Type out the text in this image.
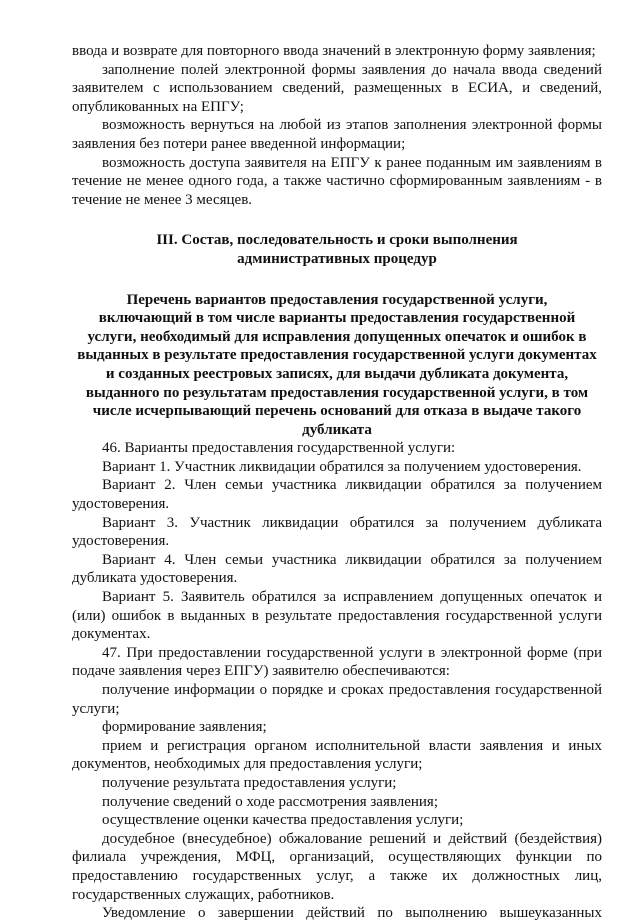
ввода и возврате для повторного ввода значений в электронную форму заявления;

заполнение полей электронной формы заявления до начала ввода сведений заявителем с использованием сведений, размещенных в ЕСИА, и сведений, опубликованных на ЕПГУ;

возможность вернуться на любой из этапов заполнения электронной формы заявления без потери ранее введенной информации;

возможность доступа заявителя на ЕПГУ к ранее поданным им заявлениям в течение не менее одного года, а также частично сформированным заявлениям - в течение не менее 3 месяцев.

III. Состав, последовательность и сроки выполнения
административных процедур
Перечень вариантов предоставления государственной услуги,
включающий в том числе варианты предоставления государственной
услуги, необходимый для исправления допущенных опечаток и ошибок в
выданных в результате предоставления государственной услуги документах
и созданных реестровых записях, для выдачи дубликата документа,
выданного по результатам предоставления государственной услуги, в том
числе исчерпывающий перечень оснований для отказа в выдаче такого
дубликата

46. Варианты предоставления государственной услуги:

Вариант 1. Участник ликвидации обратился за получением удостоверения.

Вариант 2. Член семьи участника ликвидации обратился за получением удостоверения.

Вариант 3. Участник ликвидации обратился за получением дубликата удостоверения.

Вариант 4. Член семьи участника ликвидации обратился за получением дубликата удостоверения.

Вариант 5. Заявитель обратился за исправлением допущенных опечаток и (или) ошибок в выданных в результате предоставления государственной услуги документах.

47. При предоставлении государственной услуги в электронной форме (при подаче заявления через ЕПГУ) заявителю обеспечиваются:

получение информации о порядке и сроках предоставления государственной услуги;

формирование заявления;

прием и регистрация органом исполнительной власти заявления и иных документов, необходимых для предоставления услуги;

получение результата предоставления услуги;

получение сведений о ходе рассмотрения заявления;

осуществление оценки качества предоставления услуги;

досудебное (внесудебное) обжалование решений и действий (бездействия) филиала учреждения, МФЦ, организаций, осуществляющих функции по предоставлению государственных услуг, а также их должностных лиц, государственных служащих, работников.

Уведомление о завершении действий по выполнению вышеуказанных
